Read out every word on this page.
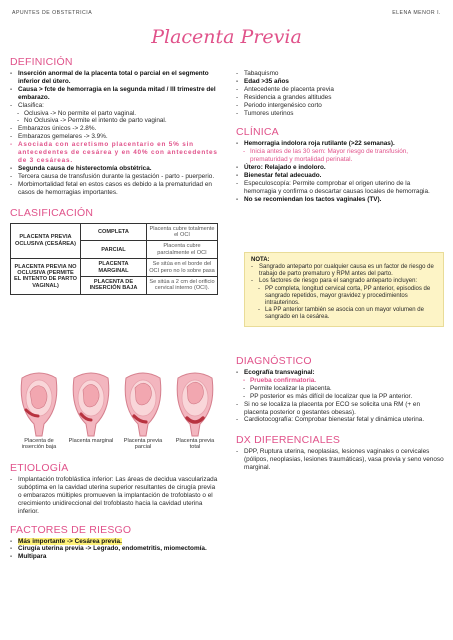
APUNTES DE OBSTETRICIA	ELENA MENOR I.
Placenta Previa
DEFINICIÓN
- Inserción anormal de la placenta total o parcial en el segmento inferior del útero.
- Causa > fcte de hemorragia en la segunda mitad / III trimestre del embarazo.
- Clasifica:
- Oclusiva -> No permite el parto vaginal.
- No Oclusiva -> Permite el intento de parto vaginal.
- Embarazos únicos -> 2.8%.
- Embarazos gemelares -> 3.9%.
- Asociada con acretismo placentario en 5% sin antecedentes de cesárea y en 40% con antecedentes de 3 cesáreas.
- Segunda causa de histerectomía obstétrica.
- Tercera causa de transfusión durante la gestación - parto - puerperio.
- Morbimortalidad fetal en estos casos es debido a la prematuridad en casos de hemorragias importantes.
CLASIFICACIÓN
PLACENTA PREVIA OCLUSIVA (CESÁREA)	COMPLETA	Placenta cubre totalmente el OCI
	PARCIAL	Placenta cubre parcialmente el OCI
PLACENTA PREVIA NO OCLUSIVA (PERMITE EL INTENTO DE PARTO VAGINAL)	PLACENTA MARGINAL	Se sitúa en el borde del OCI pero no lo sobre pasa
	PLACENTA DE INSERCIÓN BAJA	Se sitúa a 2 cm del orificio cervical interno (OCI).
Placenta de inserción baja
Placenta marginal	Placenta previa parcial
Placenta previa total
ETIOLOGÍA
- Implantación trofoblástica inferior: Las áreas de decidua vascularizada subóptima en la cavidad uterina superior resultantes de cirugía previa o embarazos múltiples promueven la implantación de trofoblasto o el crecimiento unidireccional del trofoblasto hacia la cavidad uterina inferior.
FACTORES DE RIESGO
- Más importante -> Cesárea previa.
- Cirugía uterina previa -> Legrado, endometritis, miomectomía.
- Multipara
- Tabaquismo
- Edad >35 años
- Antecedente de placenta previa
- Residencia a grandes altitudes
- Periodo intergenésico corto
- Tumores uterinos
CLÍNICA
- Hemorragia indolora roja rutilante (>22 semanas).
- Inicia antes de las 30 sem: Mayor riesgo de transfusión, prematuridad y mortalidad perinatal.
- Útero: Relajado e indoloro.
- Bienestar fetal adecuado.
- Especuloscopía: Permite comprobar el origen uterino de la hemorragia y confirma o descartar causas locales de hemorragia.
- No se recomiendan los tactos vaginales (TV).
NOTA:
- Sangrado anteparto por cualquier causa es un factor de riesgo de trabajo de parto prematuro y RPM antes del parto.
- Los factores de riesgo para el sangrado anteparto incluyen:
- PP completa, longitud cervical corta, PP anterior, episodios de sangrado repetidos, mayor gravidez y procedimientos intrauterinos.
- La PP anterior también se asocia con un mayor volumen de sangrado en la cesárea.
DIAGNÓSTICO
- Ecografía transvaginal:
- Prueba confirmatoria.
- Permite localizar la placenta.
- PP posterior es más difícil de localizar que la PP anterior.
- Si no se localiza la placenta por ECO se solicita una RM (+ en placenta posterior o gestantes obesas).
- Cardiotocografía: Comprobar bienestar fetal y dinámica uterina.
DX DIFERENCIALES
- DPP, Ruptura uterina, neoplasias, lesiones vaginales o cervicales (pólipos, neoplasias, lesiones traumáticas), vasa previa y seno venoso marginal.
